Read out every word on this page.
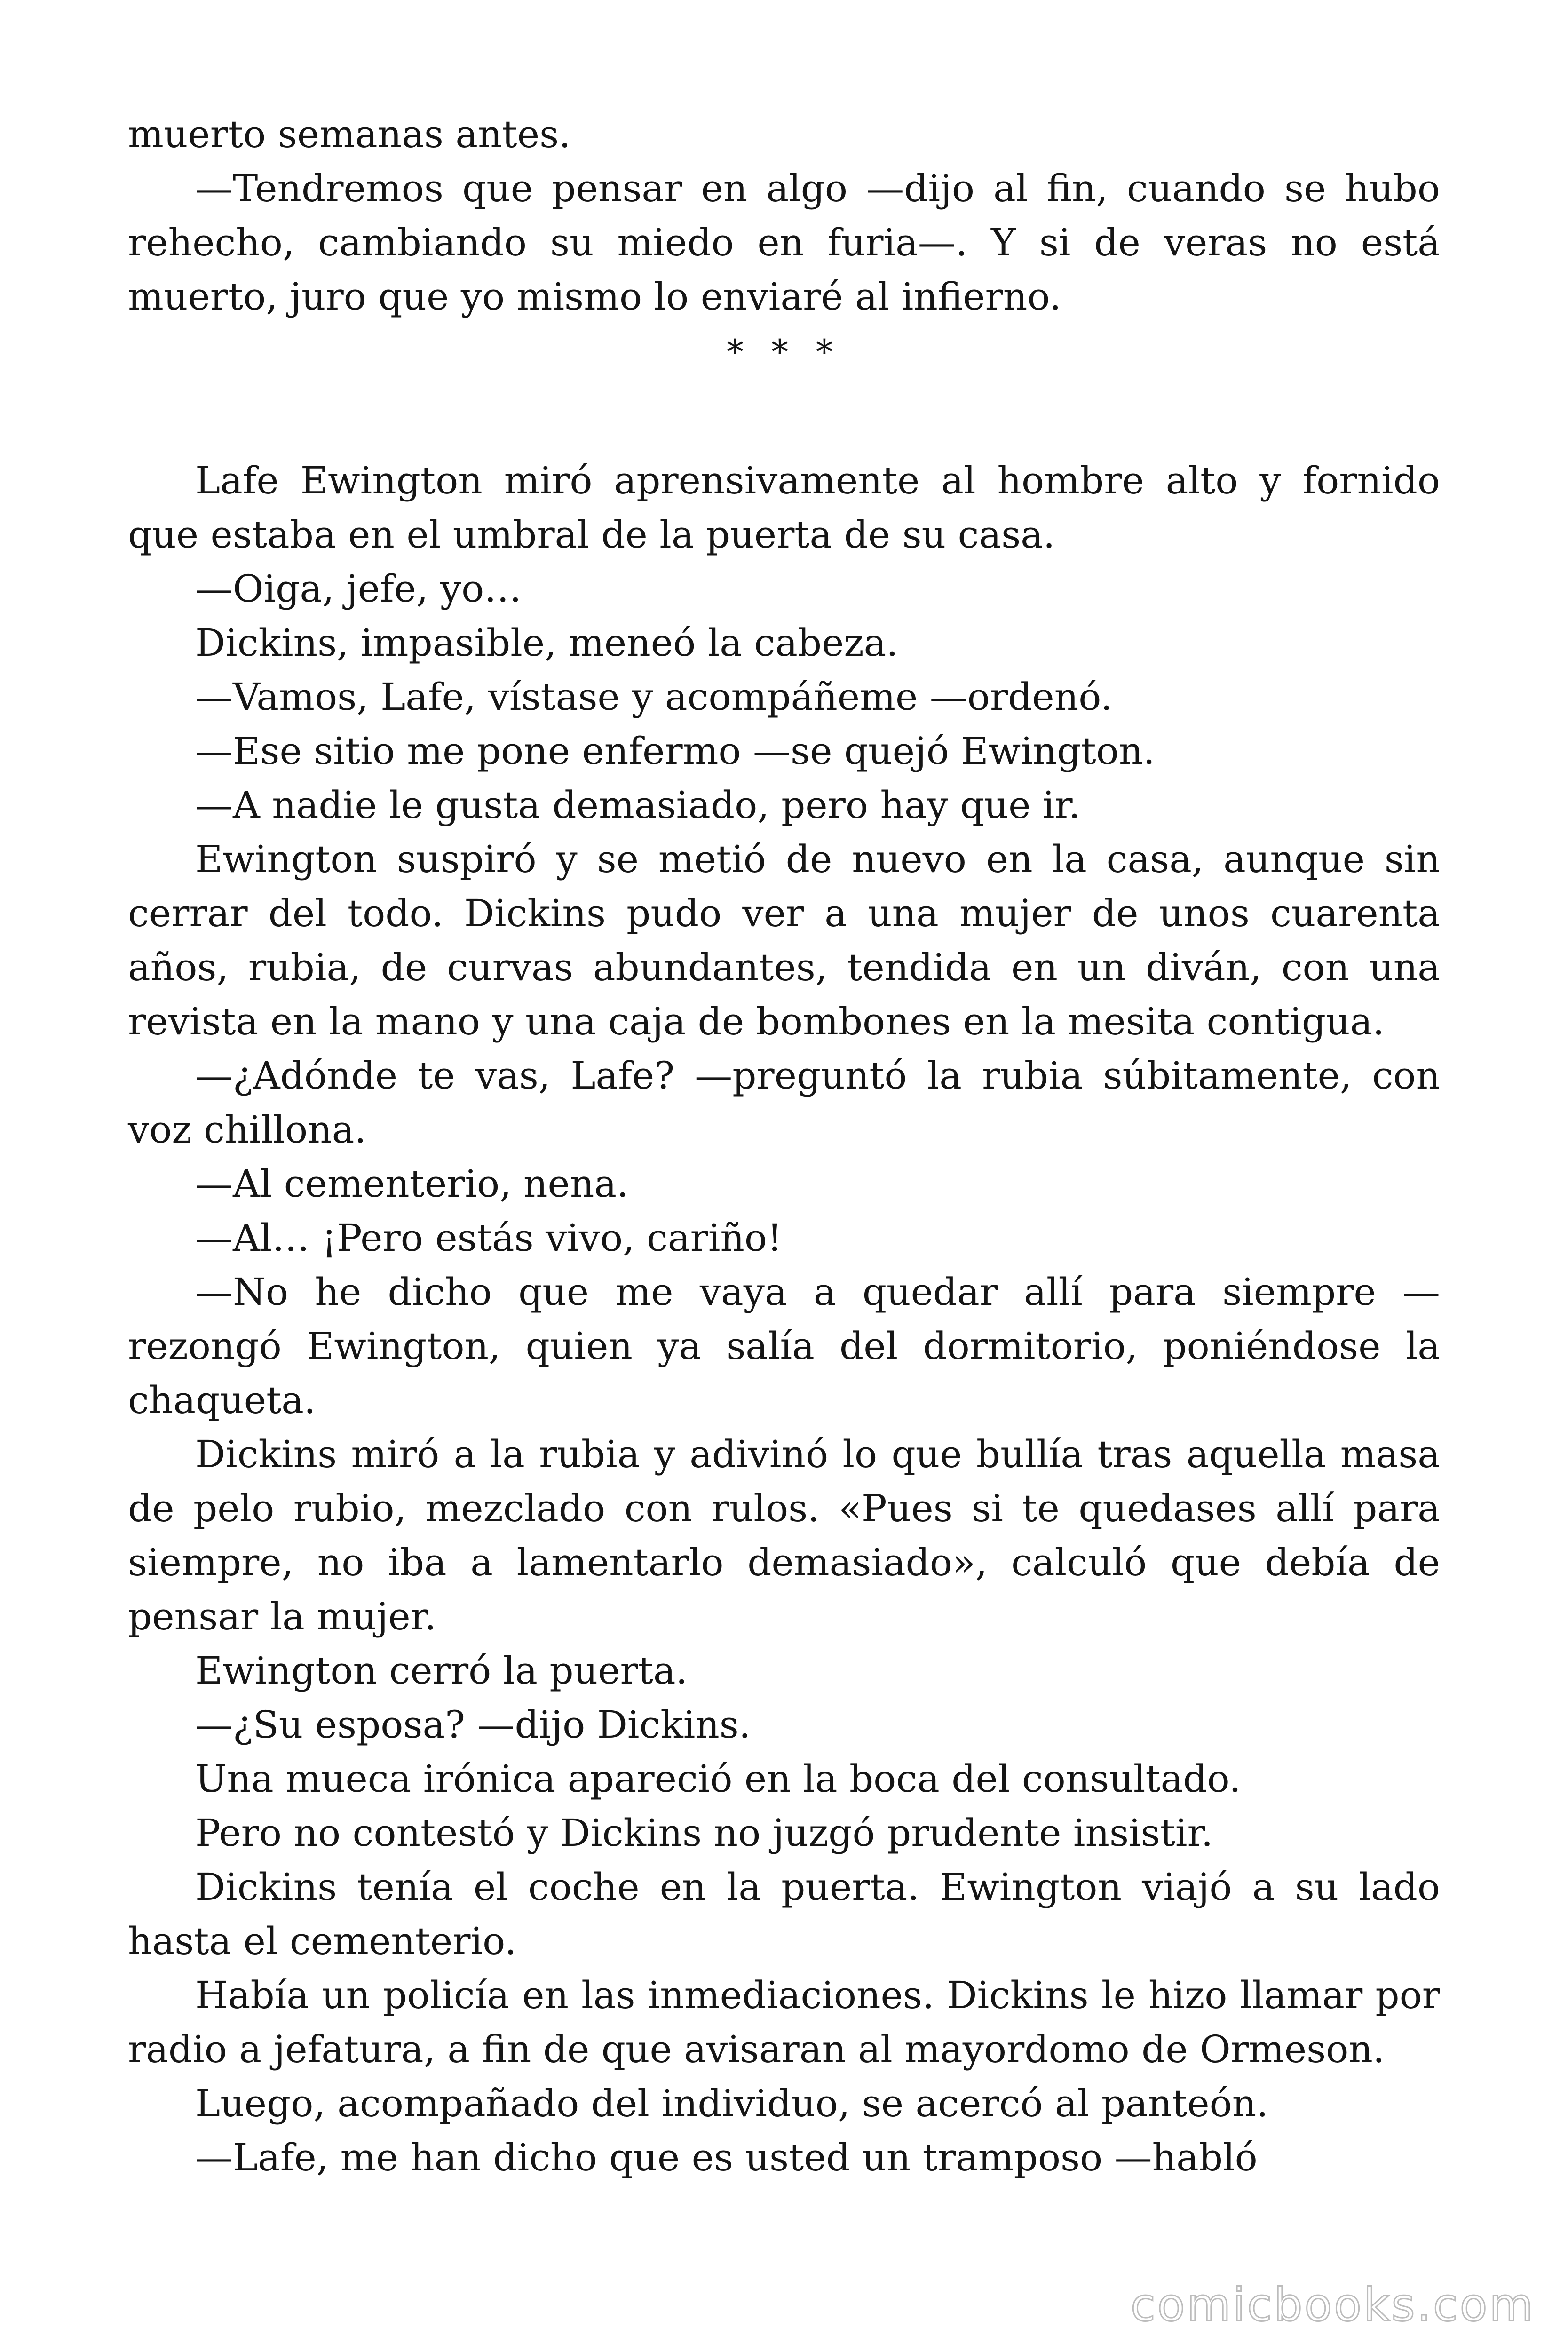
muerto semanas antes.

—Tendremos que pensar en algo —dijo al fin, cuando se hubo rehecho, cambiando su miedo en furia—. Y si de veras no está muerto, juro que yo mismo lo enviaré al infierno.

* * *

Lafe Ewington miró aprensivamente al hombre alto y fornido que estaba en el umbral de la puerta de su casa.

—Oiga, jefe, yo…

Dickins, impasible, meneó la cabeza.

—Vamos, Lafe, vístase y acompáñeme —ordenó.

—Ese sitio me pone enfermo —se quejó Ewington.

—A nadie le gusta demasiado, pero hay que ir.

Ewington suspiró y se metió de nuevo en la casa, aunque sin cerrar del todo. Dickins pudo ver a una mujer de unos cuarenta años, rubia, de curvas abundantes, tendida en un diván, con una revista en la mano y una caja de bombones en la mesita contigua.

—¿Adónde te vas, Lafe? —preguntó la rubia súbitamente, con voz chillona.

—Al cementerio, nena.

—Al… ¡Pero estás vivo, cariño!

—No he dicho que me vaya a quedar allí para siempre — rezongó Ewington, quien ya salía del dormitorio, poniéndose la chaqueta.

Dickins miró a la rubia y adivinó lo que bullía tras aquella masa de pelo rubio, mezclado con rulos. «Pues si te quedases allí para siempre, no iba a lamentarlo demasiado», calculó que debía de pensar la mujer.

Ewington cerró la puerta.

—¿Su esposa? —dijo Dickins.

Una mueca irónica apareció en la boca del consultado.

Pero no contestó y Dickins no juzgó prudente insistir.

Dickins tenía el coche en la puerta. Ewington viajó a su lado hasta el cementerio.

Había un policía en las inmediaciones. Dickins le hizo llamar por radio a jefatura, a fin de que avisaran al mayordomo de Ormeson.

Luego, acompañado del individuo, se acercó al panteón.

—Lafe, me han dicho que es usted un tramposo —habló

comicbooks.com
